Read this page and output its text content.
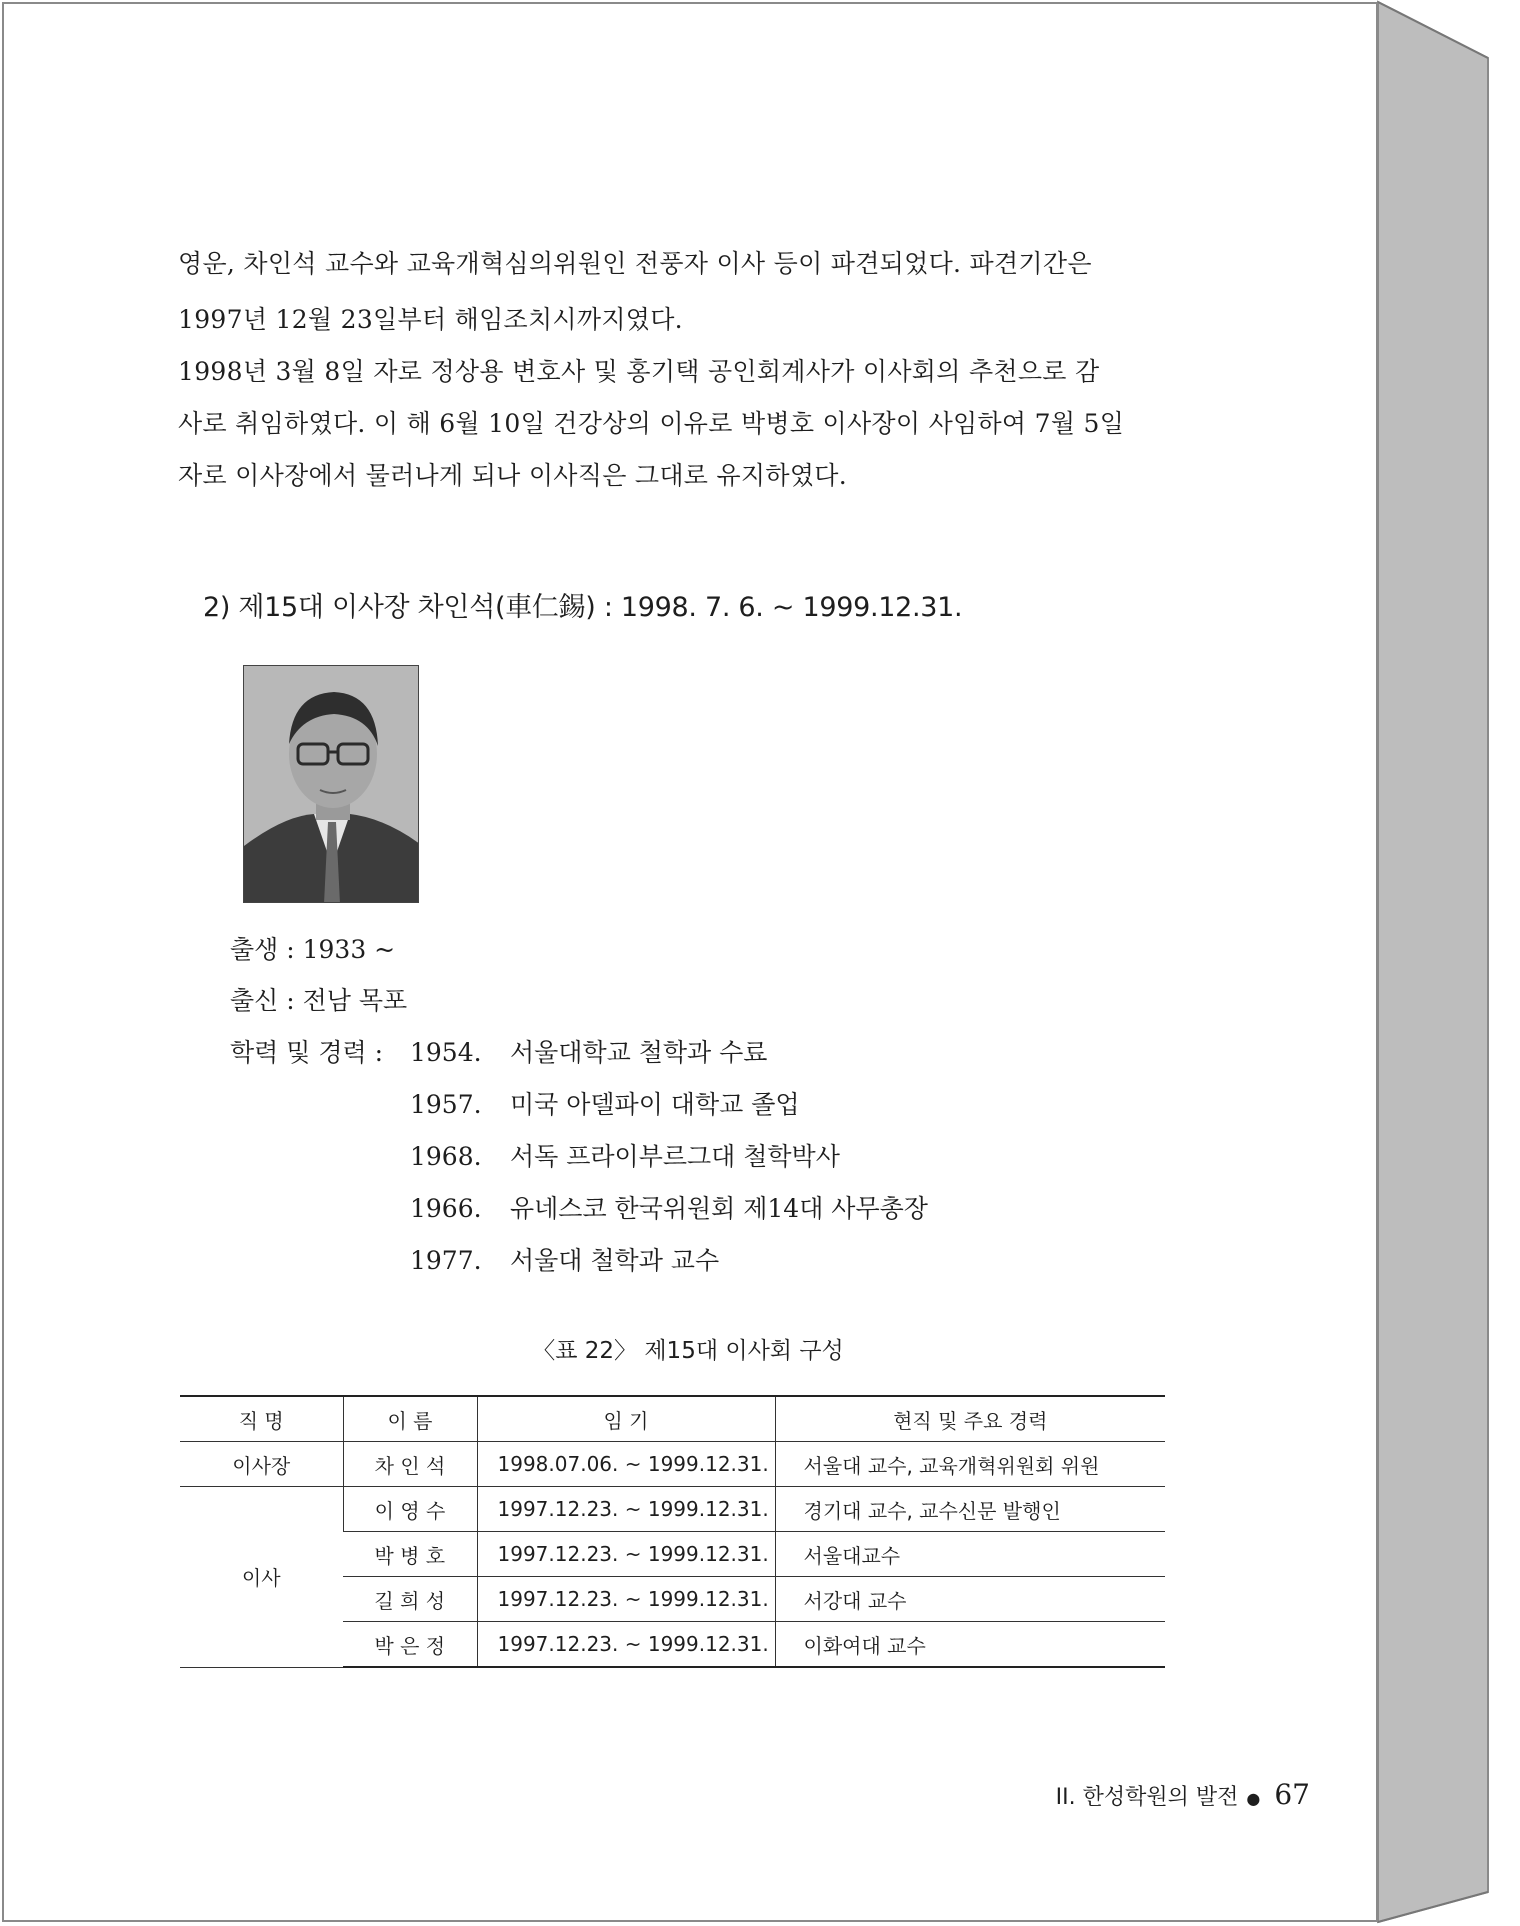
영운, 차인석 교수와 교육개혁심의위원인 전풍자 이사 등이 파견되었다. 파견기간은

1997년 12월 23일부터 해임조치시까지였다.

1998년 3월 8일 자로 정상용 변호사 및 홍기택 공인회계사가 이사회의 추천으로 감

사로 취임하였다. 이 해 6월 10일 건강상의 이유로 박병호 이사장이 사임하여 7월 5일

자로 이사장에서 물러나게 되나 이사직은 그대로 유지하였다.

2) 제15대 이사장 차인석(車仁錫) : 1998. 7. 6. ~ 1999.12.31.
출생 : 1933 ~
출신 : 전남 목포
학력 및 경력 : 1954. 서울대학교 철학과 수료
1957. 미국 아델파이 대학교 졸업
1968. 서독 프라이부르그대 철학박사
1966. 유네스코 한국위원회 제14대 사무총장
1977. 서울대 철학과 교수
〈표 22〉 제15대 이사회 구성
직 명	이 름	임 기	현직 및 주요 경력
이사장	차 인 석	1998.07.06. ~ 1999.12.31.	서울대 교수, 교육개혁위원회 위원
이사	이 영 수	1997.12.23. ~ 1999.12.31.	경기대 교수, 교수신문 발행인
	박 병 호	1997.12.23. ~ 1999.12.31.	서울대교수
	길 희 성	1997.12.23. ~ 1999.12.31.	서강대 교수
	박 은 정	1997.12.23. ~ 1999.12.31.	이화여대 교수
II. 한성학원의 발전 ● 67
